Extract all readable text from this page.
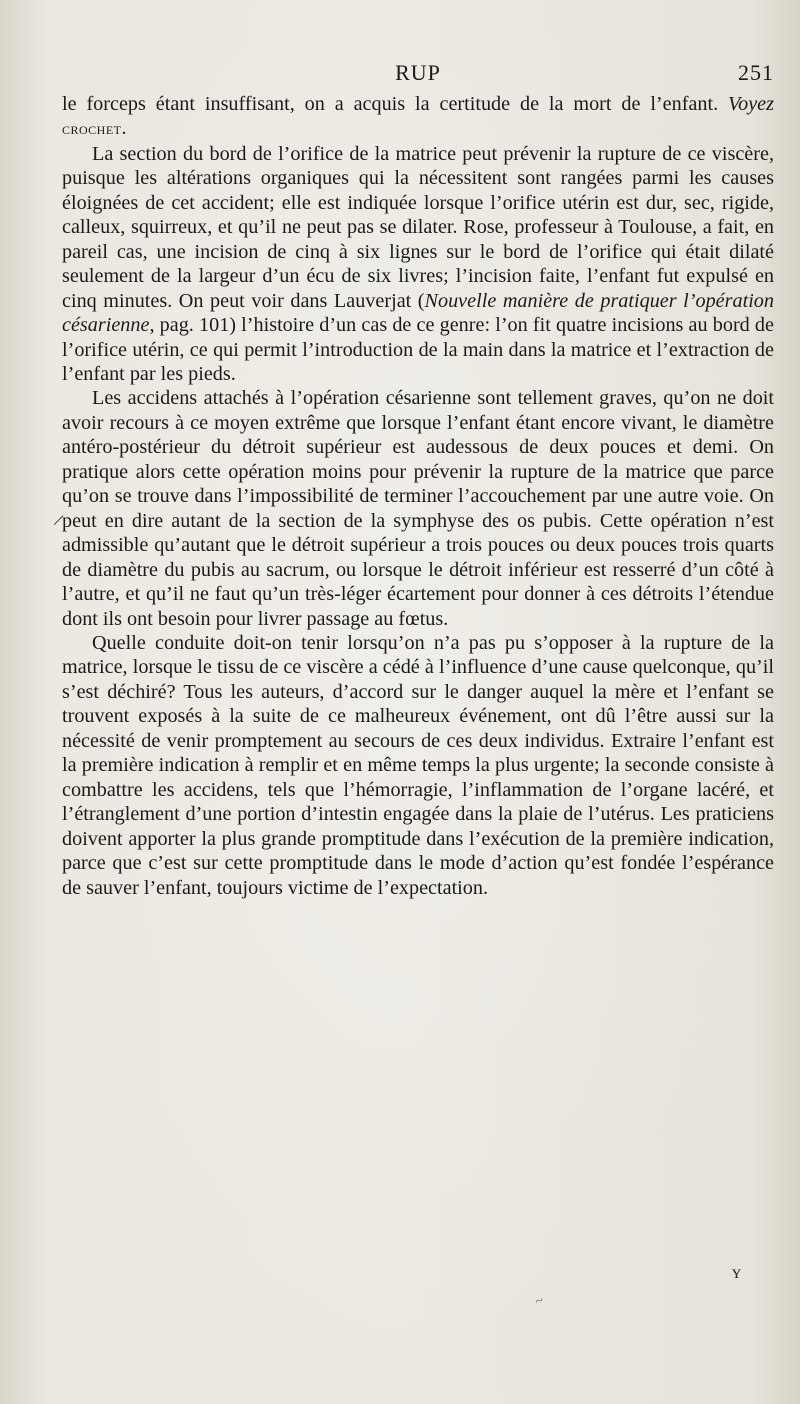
RUP	251

le forceps étant insuffisant, on a acquis la certitude de la mort de l’enfant. Voyez crochet.

La section du bord de l’orifice de la matrice peut prévenir la rupture de ce viscère, puisque les altérations organiques qui la nécessitent sont rangées parmi les causes éloignées de cet accident; elle est indiquée lorsque l’orifice utérin est dur, sec, rigide, calleux, squirreux, et qu’il ne peut pas se dilater. Rose, professeur à Toulouse, a fait, en pareil cas, une incision de cinq à six lignes sur le bord de l’orifice qui était dilaté seulement de la largeur d’un écu de six livres; l’incision faite, l’enfant fut expulsé en cinq minutes. On peut voir dans Lauverjat (Nouvelle manière de pratiquer l’opération césarienne, pag. 101) l’histoire d’un cas de ce genre: l’on fit quatre incisions au bord de l’orifice utérin, ce qui permit l’introduction de la main dans la matrice et l’extraction de l’enfant par les pieds.

Les accidens attachés à l’opération césarienne sont tellement graves, qu’on ne doit avoir recours à ce moyen extrême que lorsque l’enfant étant encore vivant, le diamètre antéro-postérieur du détroit supérieur est audessous de deux pouces et demi. On pratique alors cette opération moins pour prévenir la rupture de la matrice que parce qu’on se trouve dans l’impossibilité de terminer l’accouchement par une autre voie. On peut en dire autant de la section de la symphyse des os pubis. Cette opération n’est admissible qu’autant que le détroit supérieur a trois pouces ou deux pouces trois quarts de diamètre du pubis au sacrum, ou lorsque le détroit inférieur est resserré d’un côté à l’autre, et qu’il ne faut qu’un très-léger écartement pour donner à ces détroits l’étendue dont ils ont besoin pour livrer passage au fœtus.

Quelle conduite doit-on tenir lorsqu’on n’a pas pu s’opposer à la rupture de la matrice, lorsque le tissu de ce viscère a cédé à l’influence d’une cause quelconque, qu’il s’est déchiré? Tous les auteurs, d’accord sur le danger auquel la mère et l’enfant se trouvent exposés à la suite de ce malheureux événement, ont dû l’être aussi sur la nécessité de venir promptement au secours de ces deux individus. Extraire l’enfant est la première indication à remplir et en même temps la plus urgente; la seconde consiste à combattre les accidens, tels que l’hémorragie, l’inflammation de l’organe lacéré, et l’étranglement d’une portion d’intestin engagée dans la plaie de l’utérus. Les praticiens doivent apporter la plus grande promptitude dans l’exécution de la première indication, parce que c’est sur cette promptitude dans le mode d’action qu’est fondée l’espérance de sauver l’enfant, toujours victime de l’expectation.

/
ʏ
~
